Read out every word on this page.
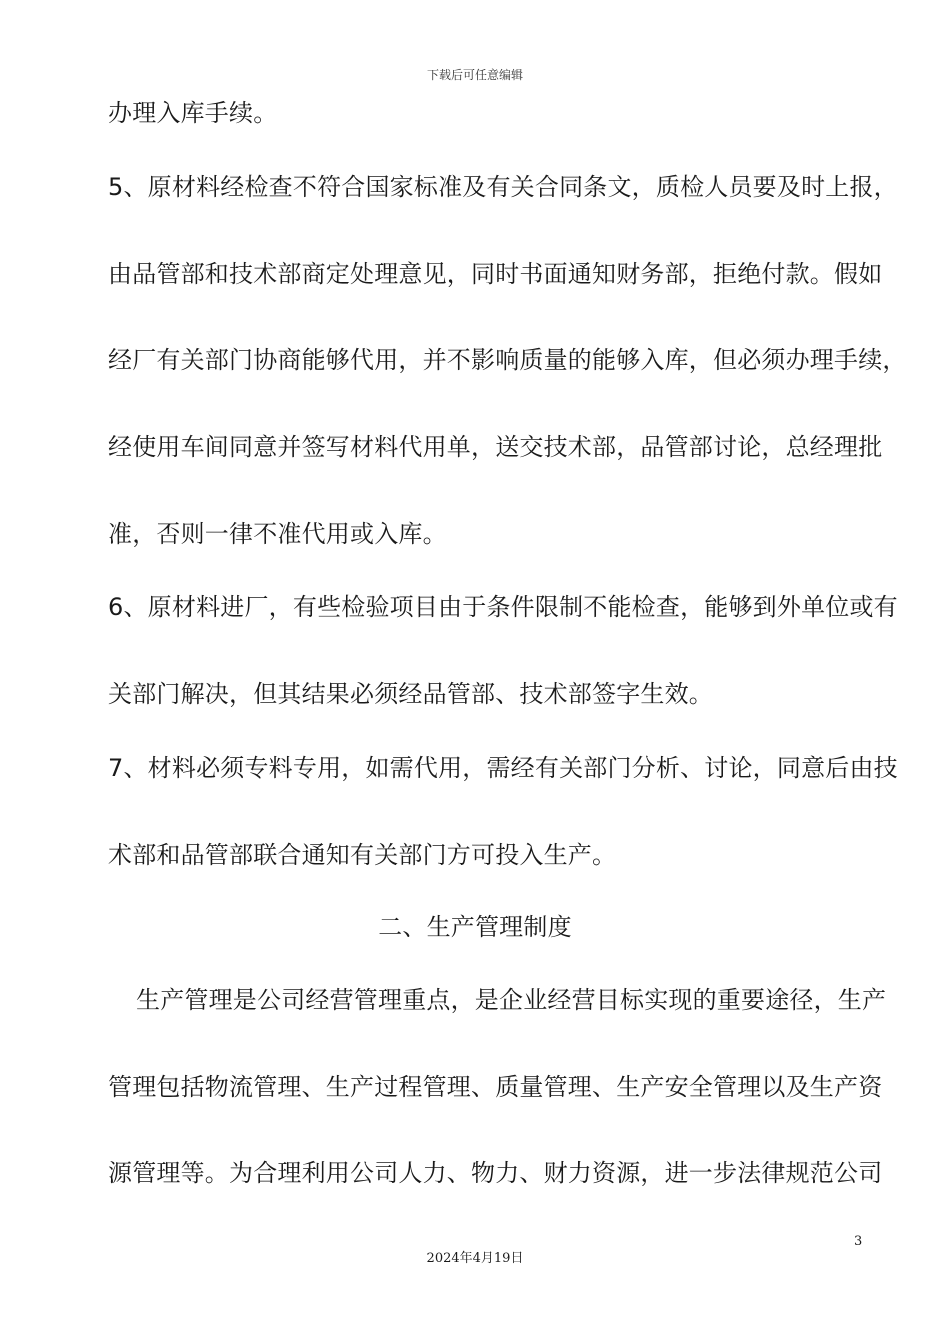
下载后可任意编辑
办理入库手续。
5、原材料经检查不符合国家标准及有关合同条文，质检人员要及时上报，
由品管部和技术部商定处理意见，同时书面通知财务部，拒绝付款。假如
经厂有关部门协商能够代用，并不影响质量的能够入库，但必须办理手续，
经使用车间同意并签写材料代用单，送交技术部，品管部讨论，总经理批
准，否则一律不准代用或入库。
6、原材料进厂，有些检验项目由于条件限制不能检查，能够到外单位或有
关部门解决，但其结果必须经品管部、技术部签字生效。
7、材料必须专料专用，如需代用，需经有关部门分析、讨论，同意后由技
术部和品管部联合通知有关部门方可投入生产。
二、生产管理制度
生产管理是公司经营管理重点，是企业经营目标实现的重要途径，生产
管理包括物流管理、生产过程管理、质量管理、生产安全管理以及生产资
源管理等。为合理利用公司人力、物力、财力资源，进一步法律规范公司
3
2024年4月19日
